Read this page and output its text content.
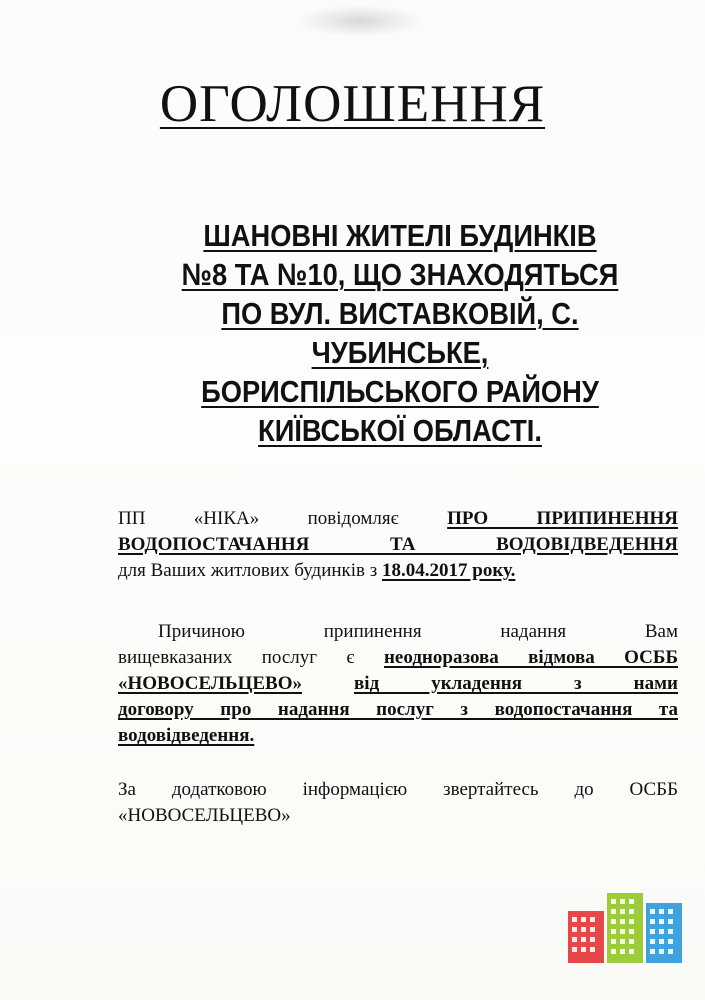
ОГОЛОШЕННЯ
ШАНОВНІ ЖИТЕЛІ БУДИНКІВ
№8 ТА №10, ЩО ЗНАХОДЯТЬСЯ
ПО ВУЛ. ВИСТАВКОВІЙ, С.
ЧУБИНСЬКЕ,
БОРИСПІЛЬСЬКОГО РАЙОНУ
КИЇВСЬКОЇ ОБЛАСТІ.
ПП «НІКА» повідомляє	ПРО ПРИПИНЕННЯ
ВОДОПОСТАЧАННЯ ТА ВОДОВІДВЕДЕННЯ
для Ваших житлових будинків з 18.04.2017 року.
Причиною припинення надання Вам
вищевказаних послуг є неодноразова відмова ОСББ
«НОВОСЕЛЬЦЕВО»	від укладення з нами
договору про надання послуг з водопостачання та
водовідведення.
За додатковою інформацією звертайтесь до ОСББ
«НОВОСЕЛЬЦЕВО»
